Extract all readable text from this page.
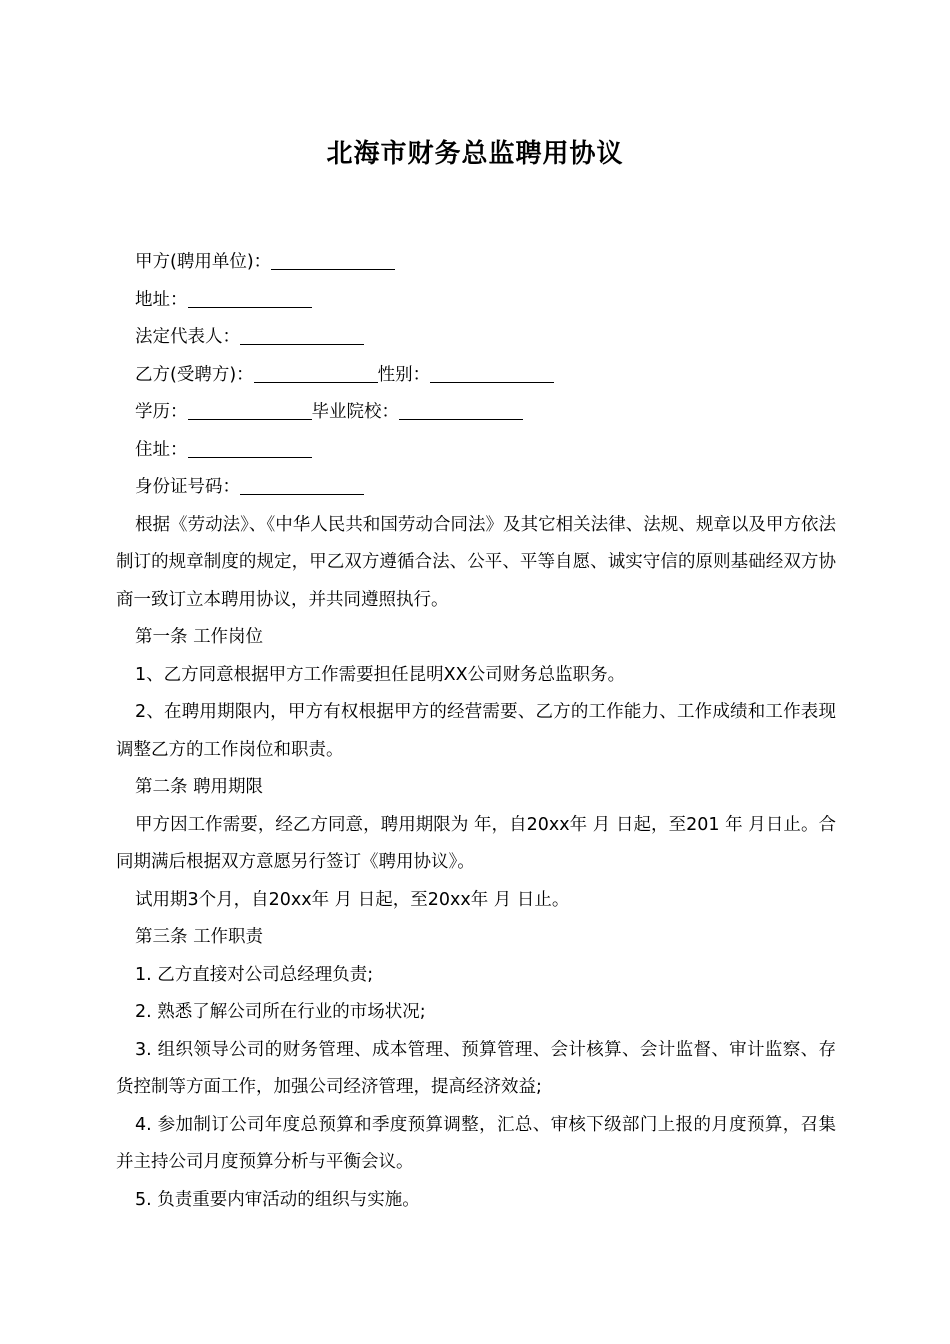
北海市财务总监聘用协议

甲方(聘用单位)：

地址：

法定代表人：

乙方(受聘方)：	性别：

学历：	毕业院校：

住址：

身份证号码：

根据《劳动法》、《中华人民共和国劳动合同法》及其它相关法律、法规、规章以及甲方依法制订的规章制度的规定，甲乙双方遵循合法、公平、平等自愿、诚实守信的原则基础经双方协商一致订立本聘用协议，并共同遵照执行。

第一条 工作岗位

1、乙方同意根据甲方工作需要担任昆明XX公司财务总监职务。

2、在聘用期限内，甲方有权根据甲方的经营需要、乙方的工作能力、工作成绩和工作表现调整乙方的工作岗位和职责。

第二条 聘用期限

甲方因工作需要，经乙方同意，聘用期限为 年，自20xx年 月 日起，至201 年 月日止。合同期满后根据双方意愿另行签订《聘用协议》。

试用期3个月，自20xx年 月 日起，至20xx年 月 日止。

第三条 工作职责

1. 乙方直接对公司总经理负责;

2. 熟悉了解公司所在行业的市场状况;

3. 组织领导公司的财务管理、成本管理、预算管理、会计核算、会计监督、审计监察、存货控制等方面工作，加强公司经济管理，提高经济效益;

4. 参加制订公司年度总预算和季度预算调整，汇总、审核下级部门上报的月度预算，召集并主持公司月度预算分析与平衡会议。

5. 负责重要内审活动的组织与实施。
